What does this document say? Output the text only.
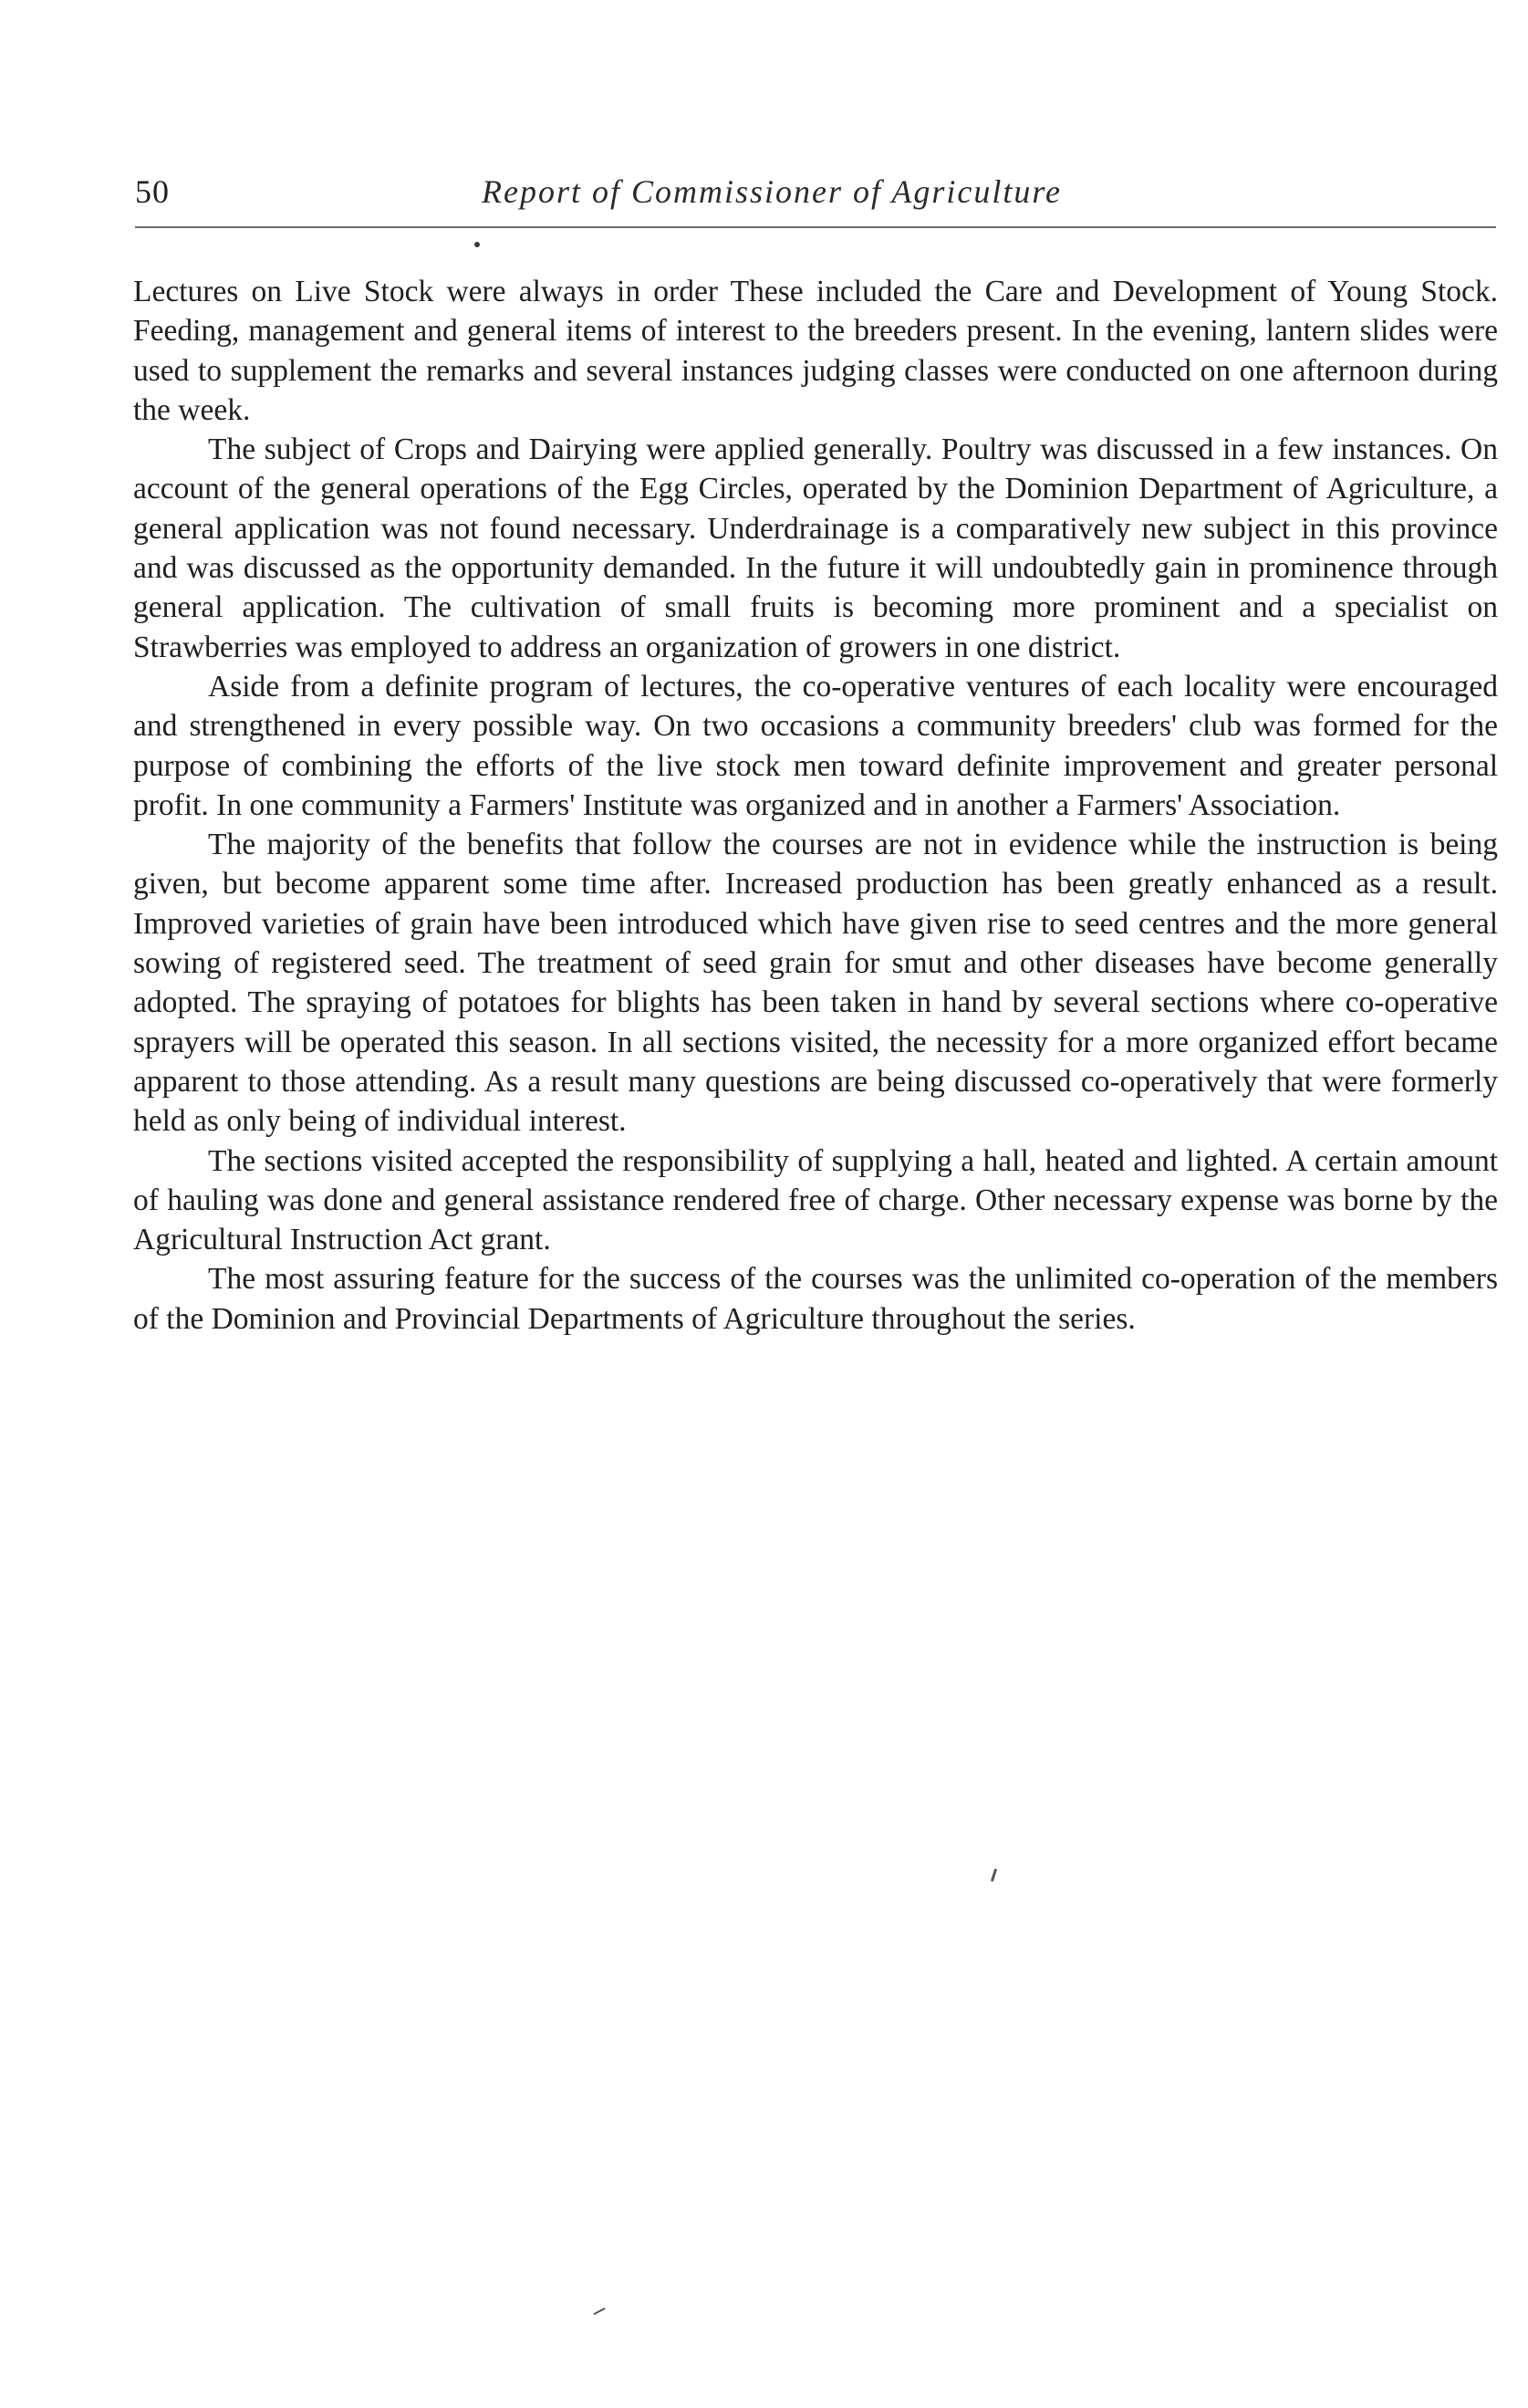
50	Report of Commissioner of Agriculture

Lectures on Live Stock were always in order These included the Care and Development of Young Stock. Feeding, management and general items of interest to the breeders present. In the evening, lantern slides were used to supplement the remarks and several instances judging classes were conducted on one afternoon during the week.

The subject of Crops and Dairying were applied generally. Poultry was discussed in a few instances. On account of the general operations of the Egg Circles, operated by the Dominion Department of Agriculture, a general application was not found necessary. Underdrainage is a comparatively new subject in this province and was discussed as the opportunity demanded. In the future it will undoubtedly gain in prominence through general application. The cultivation of small fruits is becoming more prominent and a specialist on Strawberries was employed to address an organization of growers in one district.

Aside from a definite program of lectures, the co-operative ventures of each locality were encouraged and strengthened in every possible way. On two occasions a community breeders' club was formed for the purpose of combining the efforts of the live stock men toward definite improvement and greater personal profit. In one community a Farmers' Institute was organized and in another a Farmers' Association.

The majority of the benefits that follow the courses are not in evidence while the instruction is being given, but become apparent some time after. Increased production has been greatly enhanced as a result. Improved varieties of grain have been introduced which have given rise to seed centres and the more general sowing of registered seed. The treatment of seed grain for smut and other diseases have become generally adopted. The spraying of potatoes for blights has been taken in hand by several sections where co-operative sprayers will be operated this season. In all sections visited, the necessity for a more organized effort became apparent to those attending. As a result many questions are being discussed co-operatively that were formerly held as only being of individual interest.

The sections visited accepted the responsibility of supplying a hall, heated and lighted. A certain amount of hauling was done and general assistance rendered free of charge. Other necessary expense was borne by the Agricultural Instruction Act grant.

The most assuring feature for the success of the courses was the unlimited co-operation of the members of the Dominion and Provincial Departments of Agriculture throughout the series.
